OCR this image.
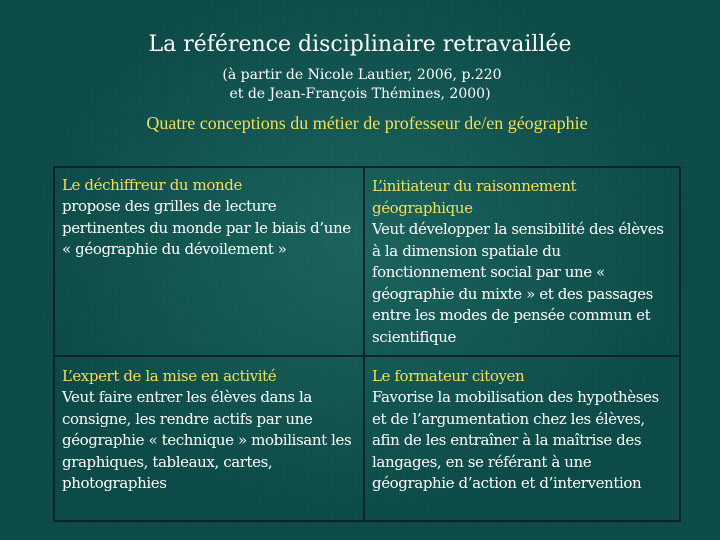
La référence disciplinaire retravaillée
(à partir de Nicole Lautier, 2006, p.220
et de Jean-François Thémines, 2000)
Quatre conceptions du métier de professeur de/en géographie
Le déchiffreur du monde
propose des grilles de lecture pertinentes du monde par le biais d’une « géographie du dévoilement »
L’initiateur du raisonnement géographique
Veut développer la sensibilité des élèves à la dimension spatiale du fonctionnement social par une « géographie du mixte » et des passages entre les modes de pensée commun et scientifique
L’expert de la mise en activité
Veut faire entrer les élèves dans la consigne, les rendre actifs par une géographie « technique » mobilisant les graphiques, tableaux, cartes, photographies
Le formateur citoyen
Favorise la mobilisation des hypothèses et de l’argumentation chez les élèves, afin de les entraîner à la maîtrise des langages, en se référant à une géographie d’action et d’intervention
